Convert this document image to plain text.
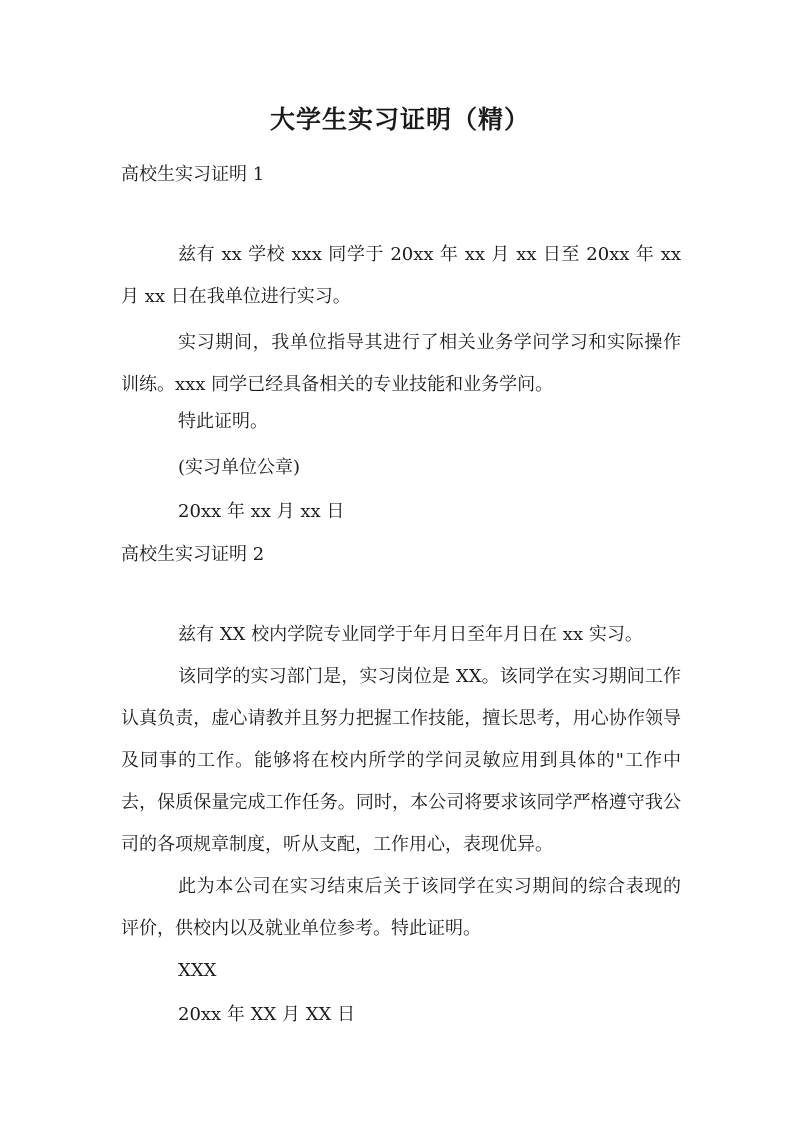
大学生实习证明（精）
高校生实习证明 1
兹有 xx 学校 xxx 同学于 20xx 年 xx 月 xx 日至 20xx 年 xx 月 xx 日在我单位进行实习。
实习期间，我单位指导其进行了相关业务学问学习和实际操作训练。xxx 同学已经具备相关的专业技能和业务学问。
特此证明。
(实习单位公章)
20xx 年 xx 月 xx 日
高校生实习证明 2
兹有 XX 校内学院专业同学于年月日至年月日在 xx 实习。
该同学的实习部门是，实习岗位是 XX。该同学在实习期间工作认真负责，虚心请教并且努力把握工作技能，擅长思考，用心协作领导及同事的工作。能够将在校内所学的学问灵敏应用到具体的"工作中去，保质保量完成工作任务。同时，本公司将要求该同学严格遵守我公司的各项规章制度，听从支配，工作用心，表现优异。
此为本公司在实习结束后关于该同学在实习期间的综合表现的评价，供校内以及就业单位参考。特此证明。
XXX
20xx 年 XX 月 XX 日
